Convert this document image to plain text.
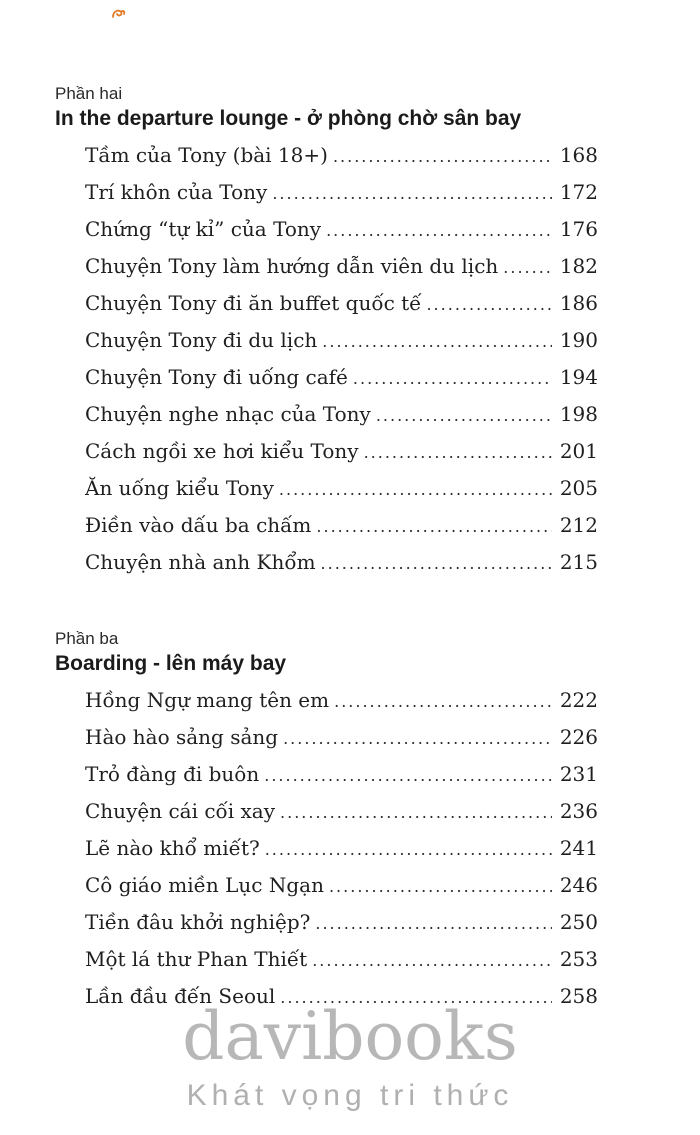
Phần hai
In the departure lounge - ở phòng chờ sân bay
Tầm của Tony (bài 18+) .....	168
Trí khôn của Tony .....	172
Chứng “tự kỉ” của Tony .....	176
Chuyện Tony làm hướng dẫn viên du lịch .....	182
Chuyện Tony đi ăn buffet quốc tế .....	186
Chuyện Tony đi du lịch .....	190
Chuyện Tony đi uống café .....	194
Chuyện nghe nhạc của Tony .....	198
Cách ngồi xe hơi kiểu Tony .....	201
Ăn uống kiểu Tony .....	205
Điền vào dấu ba chấm .....	212
Chuyện nhà anh Khổm .....	215
Phần ba
Boarding - lên máy bay
Hồng Ngự mang tên em .....	222
Hào hào sảng sảng .....	226
Trỏ đàng đi buôn .....	231
Chuyện cái cối xay .....	236
Lẽ nào khổ miết? .....	241
Cô giáo miền Lục Ngạn .....	246
Tiền đâu khởi nghiệp? .....	250
Một lá thư Phan Thiết .....	253
Lần đầu đến Seoul .....	258
davibooks
Khát vọng tri thức
